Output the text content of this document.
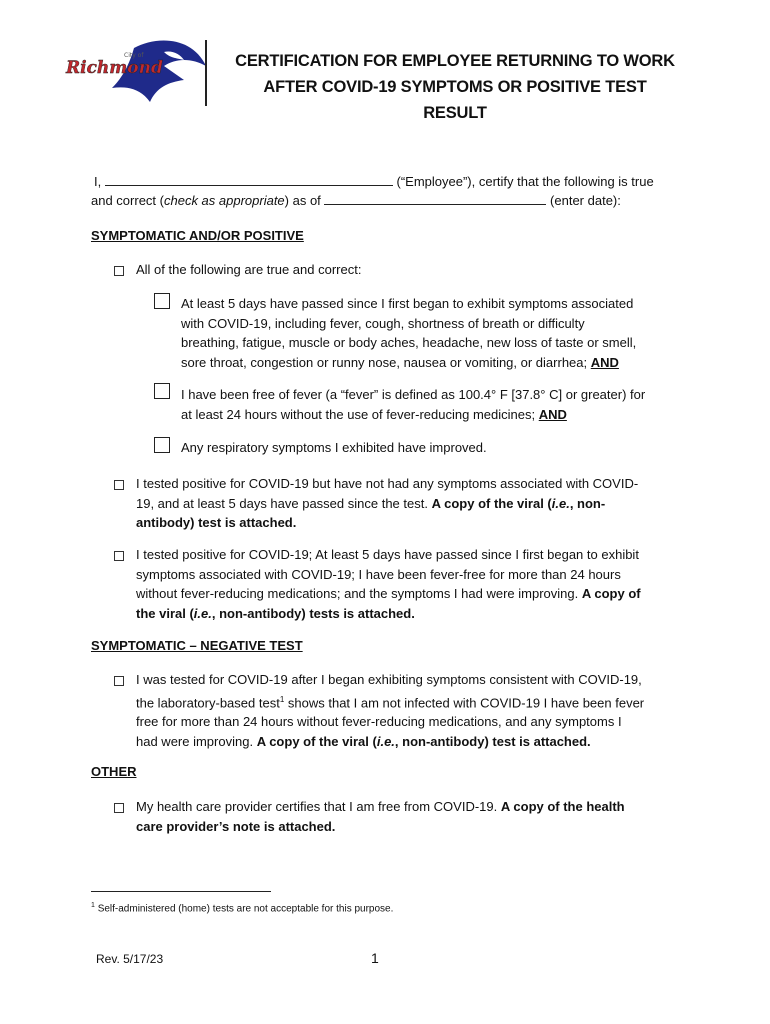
Richmond
City of	CERTIFICATION FOR EMPLOYEE RETURNING TO WORK
AFTER COVID-19 SYMPTOMS OR POSITIVE TEST
RESULT
I,	(“Employee”), certify that the following is true
and correct (check as appropriate) as of	(enter date):
SYMPTOMATIC AND/OR POSITIVE
All of the following are true and correct:
At least 5 days have passed since I first began to exhibit symptoms associated
with COVID-19, including fever, cough, shortness of breath or difficulty
breathing, fatigue, muscle or body aches, headache, new loss of taste or smell,
sore throat, congestion or runny nose, nausea or vomiting, or diarrhea; AND
I have been free of fever (a “fever” is defined as 100.4° F [37.8° C] or greater) for
at least 24 hours without the use of fever-reducing medicines; AND
Any respiratory symptoms I exhibited have improved.
I tested positive for COVID-19 but have not had any symptoms associated with COVID-
19, and at least 5 days have passed since the test. A copy of the viral (i.e., non-
antibody) test is attached.
I tested positive for COVID-19; At least 5 days have passed since I first began to exhibit
symptoms associated with COVID-19; I have been fever-free for more than 24 hours
without fever-reducing medications; and the symptoms I had were improving. A copy of
the viral (i.e., non-antibody) tests is attached.
SYMPTOMATIC – NEGATIVE TEST
I was tested for COVID-19 after I began exhibiting symptoms consistent with COVID-19,
the laboratory-based test$^1$ shows that I am not infected with COVID-19 I have been fever
free for more than 24 hours without fever-reducing medications, and any symptoms I
had were improving. A copy of the viral (i.e., non-antibody) test is attached.
OTHER
My health care provider certifies that I am free from COVID-19. A copy of the health
care provider’s note is attached.
$^1$ Self-administered (home) tests are not acceptable for this purpose.
Rev. 5/17/23	1
